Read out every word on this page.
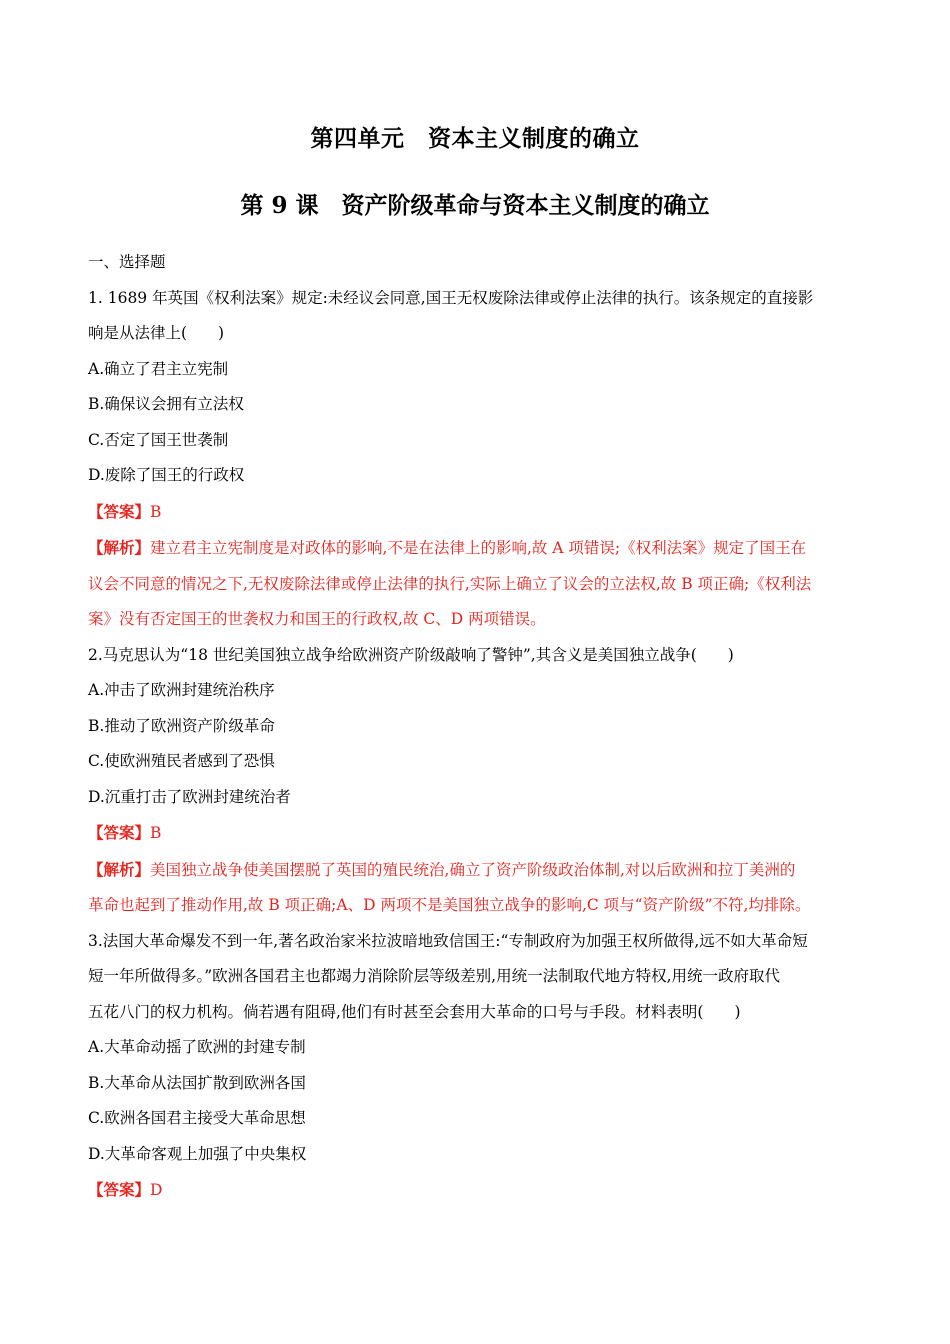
第四单元　资本主义制度的确立
第 9 课　资产阶级革命与资本主义制度的确立

一、选择题

1. 1689 年英国《权利法案》规定:未经议会同意,国王无权废除法律或停止法律的执行。该条规定的直接影

响是从法律上(　　)

A.确立了君主立宪制

B.确保议会拥有立法权

C.否定了国王世袭制

D.废除了国王的行政权

【答案】B

【解析】建立君主立宪制度是对政体的影响,不是在法律上的影响,故 A 项错误;《权利法案》规定了国王在

议会不同意的情况之下,无权废除法律或停止法律的执行,实际上确立了议会的立法权,故 B 项正确;《权利法

案》没有否定国王的世袭权力和国王的行政权,故 C、D 两项错误。

2.马克思认为“18 世纪美国独立战争给欧洲资产阶级敲响了警钟”,其含义是美国独立战争(　　)

A.冲击了欧洲封建统治秩序

B.推动了欧洲资产阶级革命

C.使欧洲殖民者感到了恐惧

D.沉重打击了欧洲封建统治者

【答案】B

【解析】美国独立战争使美国摆脱了英国的殖民统治,确立了资产阶级政治体制,对以后欧洲和拉丁美洲的

革命也起到了推动作用,故 B 项正确;A、D 两项不是美国独立战争的影响,C 项与“资产阶级”不符,均排除。

3.法国大革命爆发不到一年,著名政治家米拉波暗地致信国王:“专制政府为加强王权所做得,远不如大革命短

短一年所做得多。”欧洲各国君主也都竭力消除阶层等级差别,用统一法制取代地方特权,用统一政府取代

五花八门的权力机构。倘若遇有阻碍,他们有时甚至会套用大革命的口号与手段。材料表明(　　)

A.大革命动摇了欧洲的封建专制

B.大革命从法国扩散到欧洲各国

C.欧洲各国君主接受大革命思想

D.大革命客观上加强了中央集权

【答案】D
